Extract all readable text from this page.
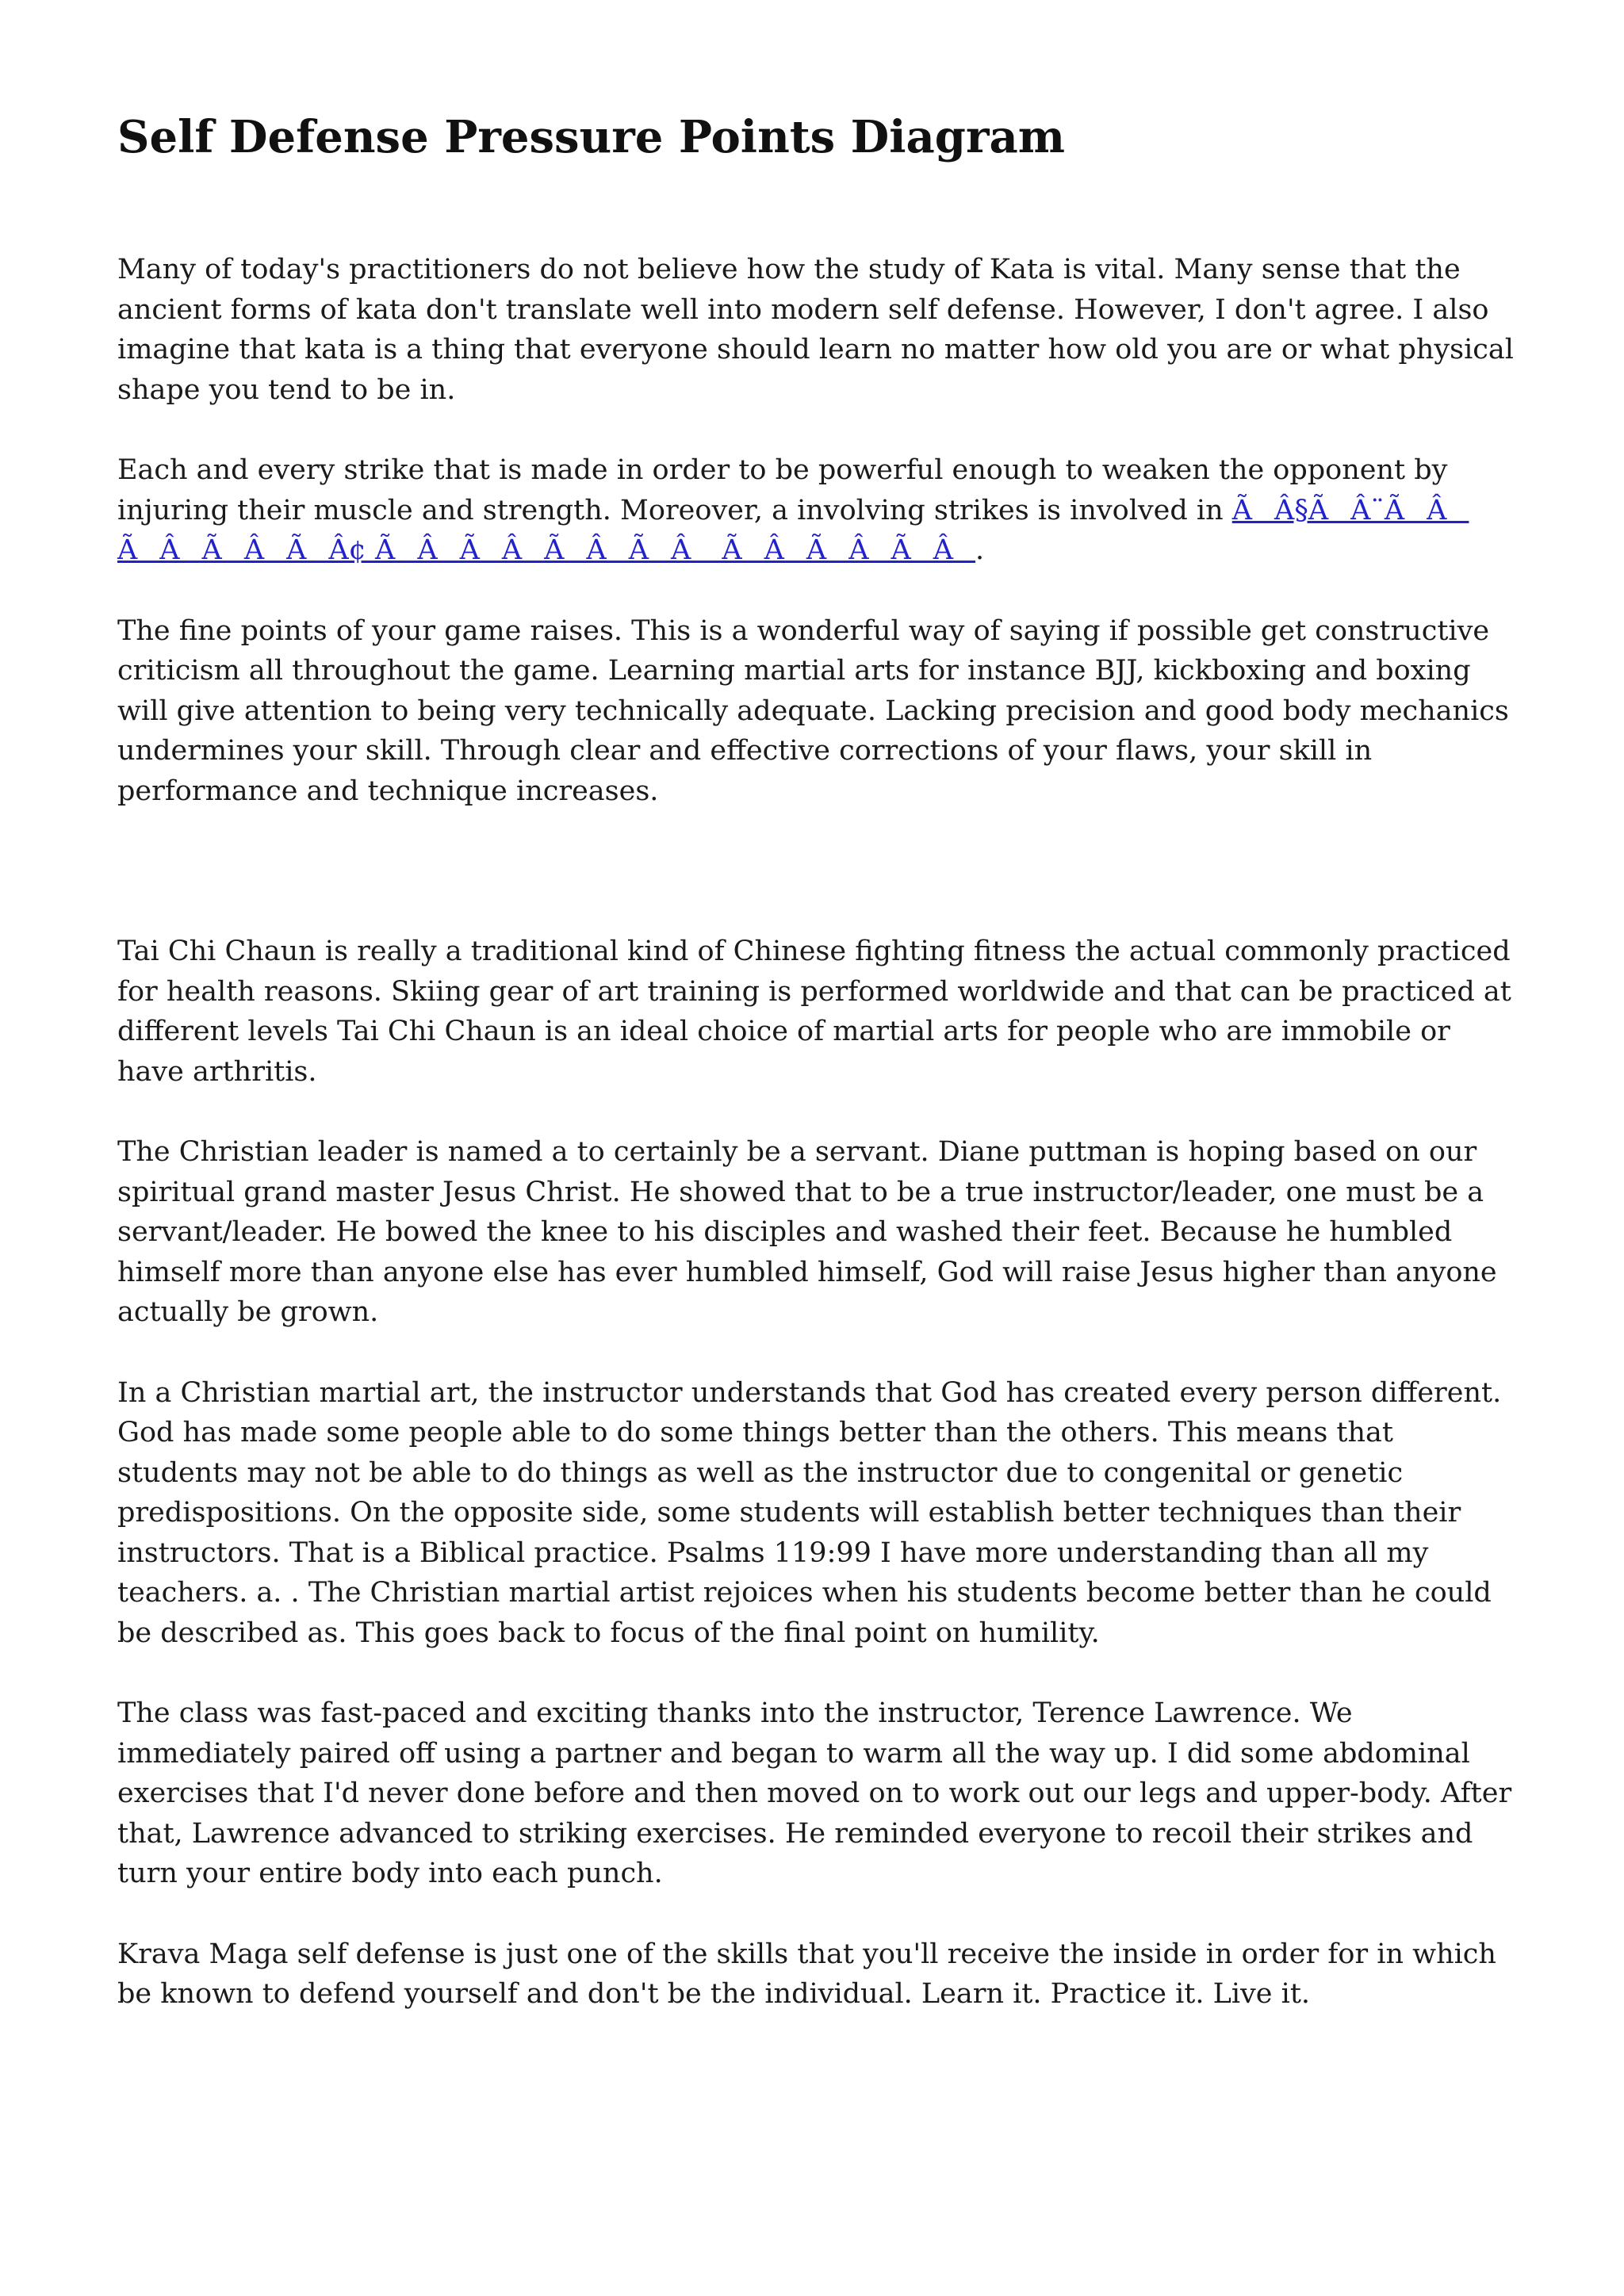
Self Defense Pressure Points Diagram

Many of today's practitioners do not believe how the study of Kata is vital. Many sense that the ancient forms of kata don't translate well into modern self defense. However, I don't agree. I also imagine that kata is a thing that everyone should learn no matter how old you are or what physical shape you tend to be in.

Each and every strike that is made in order to be powerful enough to weaken the opponent by injuring their muscle and strength. Moreover, a involving strikes is involved in ÃÂ§ÃÂ¨ÃÂ ÃÂÃÂÃÂ¢ ÃÂÃÂÃÂÃÂ ÃÂÃÂÃÂ.

The fine points of your game raises. This is a wonderful way of saying if possible get constructive criticism all throughout the game. Learning martial arts for instance BJJ, kickboxing and boxing will give attention to being very technically adequate. Lacking precision and good body mechanics undermines your skill. Through clear and effective corrections of your flaws, your skill in performance and technique increases.

Tai Chi Chaun is really a traditional kind of Chinese fighting fitness the actual commonly practiced for health reasons. Skiing gear of art training is performed worldwide and that can be practiced at different levels Tai Chi Chaun is an ideal choice of martial arts for people who are immobile or have arthritis.

The Christian leader is named a to certainly be a servant. Diane puttman is hoping based on our spiritual grand master Jesus Christ. He showed that to be a true instructor/leader, one must be a servant/leader. He bowed the knee to his disciples and washed their feet. Because he humbled himself more than anyone else has ever humbled himself, God will raise Jesus higher than anyone actually be grown.

In a Christian martial art, the instructor understands that God has created every person different. God has made some people able to do some things better than the others. This means that students may not be able to do things as well as the instructor due to congenital or genetic predispositions. On the opposite side, some students will establish better techniques than their instructors. That is a Biblical practice. Psalms 119:99 I have more understanding than all my teachers. a. . The Christian martial artist rejoices when his students become better than he could be described as. This goes back to focus of the final point on humility.

The class was fast-paced and exciting thanks into the instructor, Terence Lawrence. We immediately paired off using a partner and began to warm all the way up. I did some abdominal exercises that I'd never done before and then moved on to work out our legs and upper-body. After that, Lawrence advanced to striking exercises. He reminded everyone to recoil their strikes and turn your entire body into each punch.

Krava Maga self defense is just one of the skills that you'll receive the inside in order for in which be known to defend yourself and don't be the individual. Learn it. Practice it. Live it.
